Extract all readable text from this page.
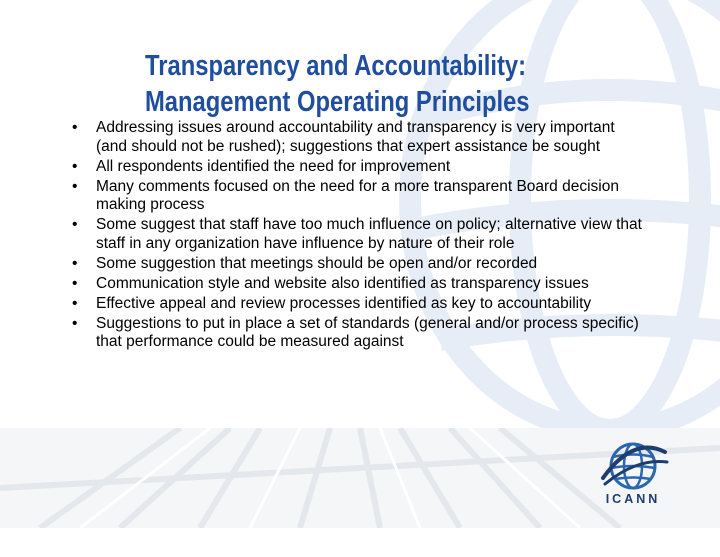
Transparency and Accountability:
Management Operating Principles
• Addressing issues around accountability and transparency is very important (and should not be rushed); suggestions that expert assistance be sought
• All respondents identified the need for improvement
• Many comments focused on the need for a more transparent Board decision making process
• Some suggest that staff have too much influence on policy; alternative view that staff in any organization have influence by nature of their role
• Some suggestion that meetings should be open and/or recorded
• Communication style and website also identified as transparency issues
• Effective appeal and review processes identified as key to accountability
• Suggestions to put in place a set of standards (general and/or process specific) that performance could be measured against
ICANN
